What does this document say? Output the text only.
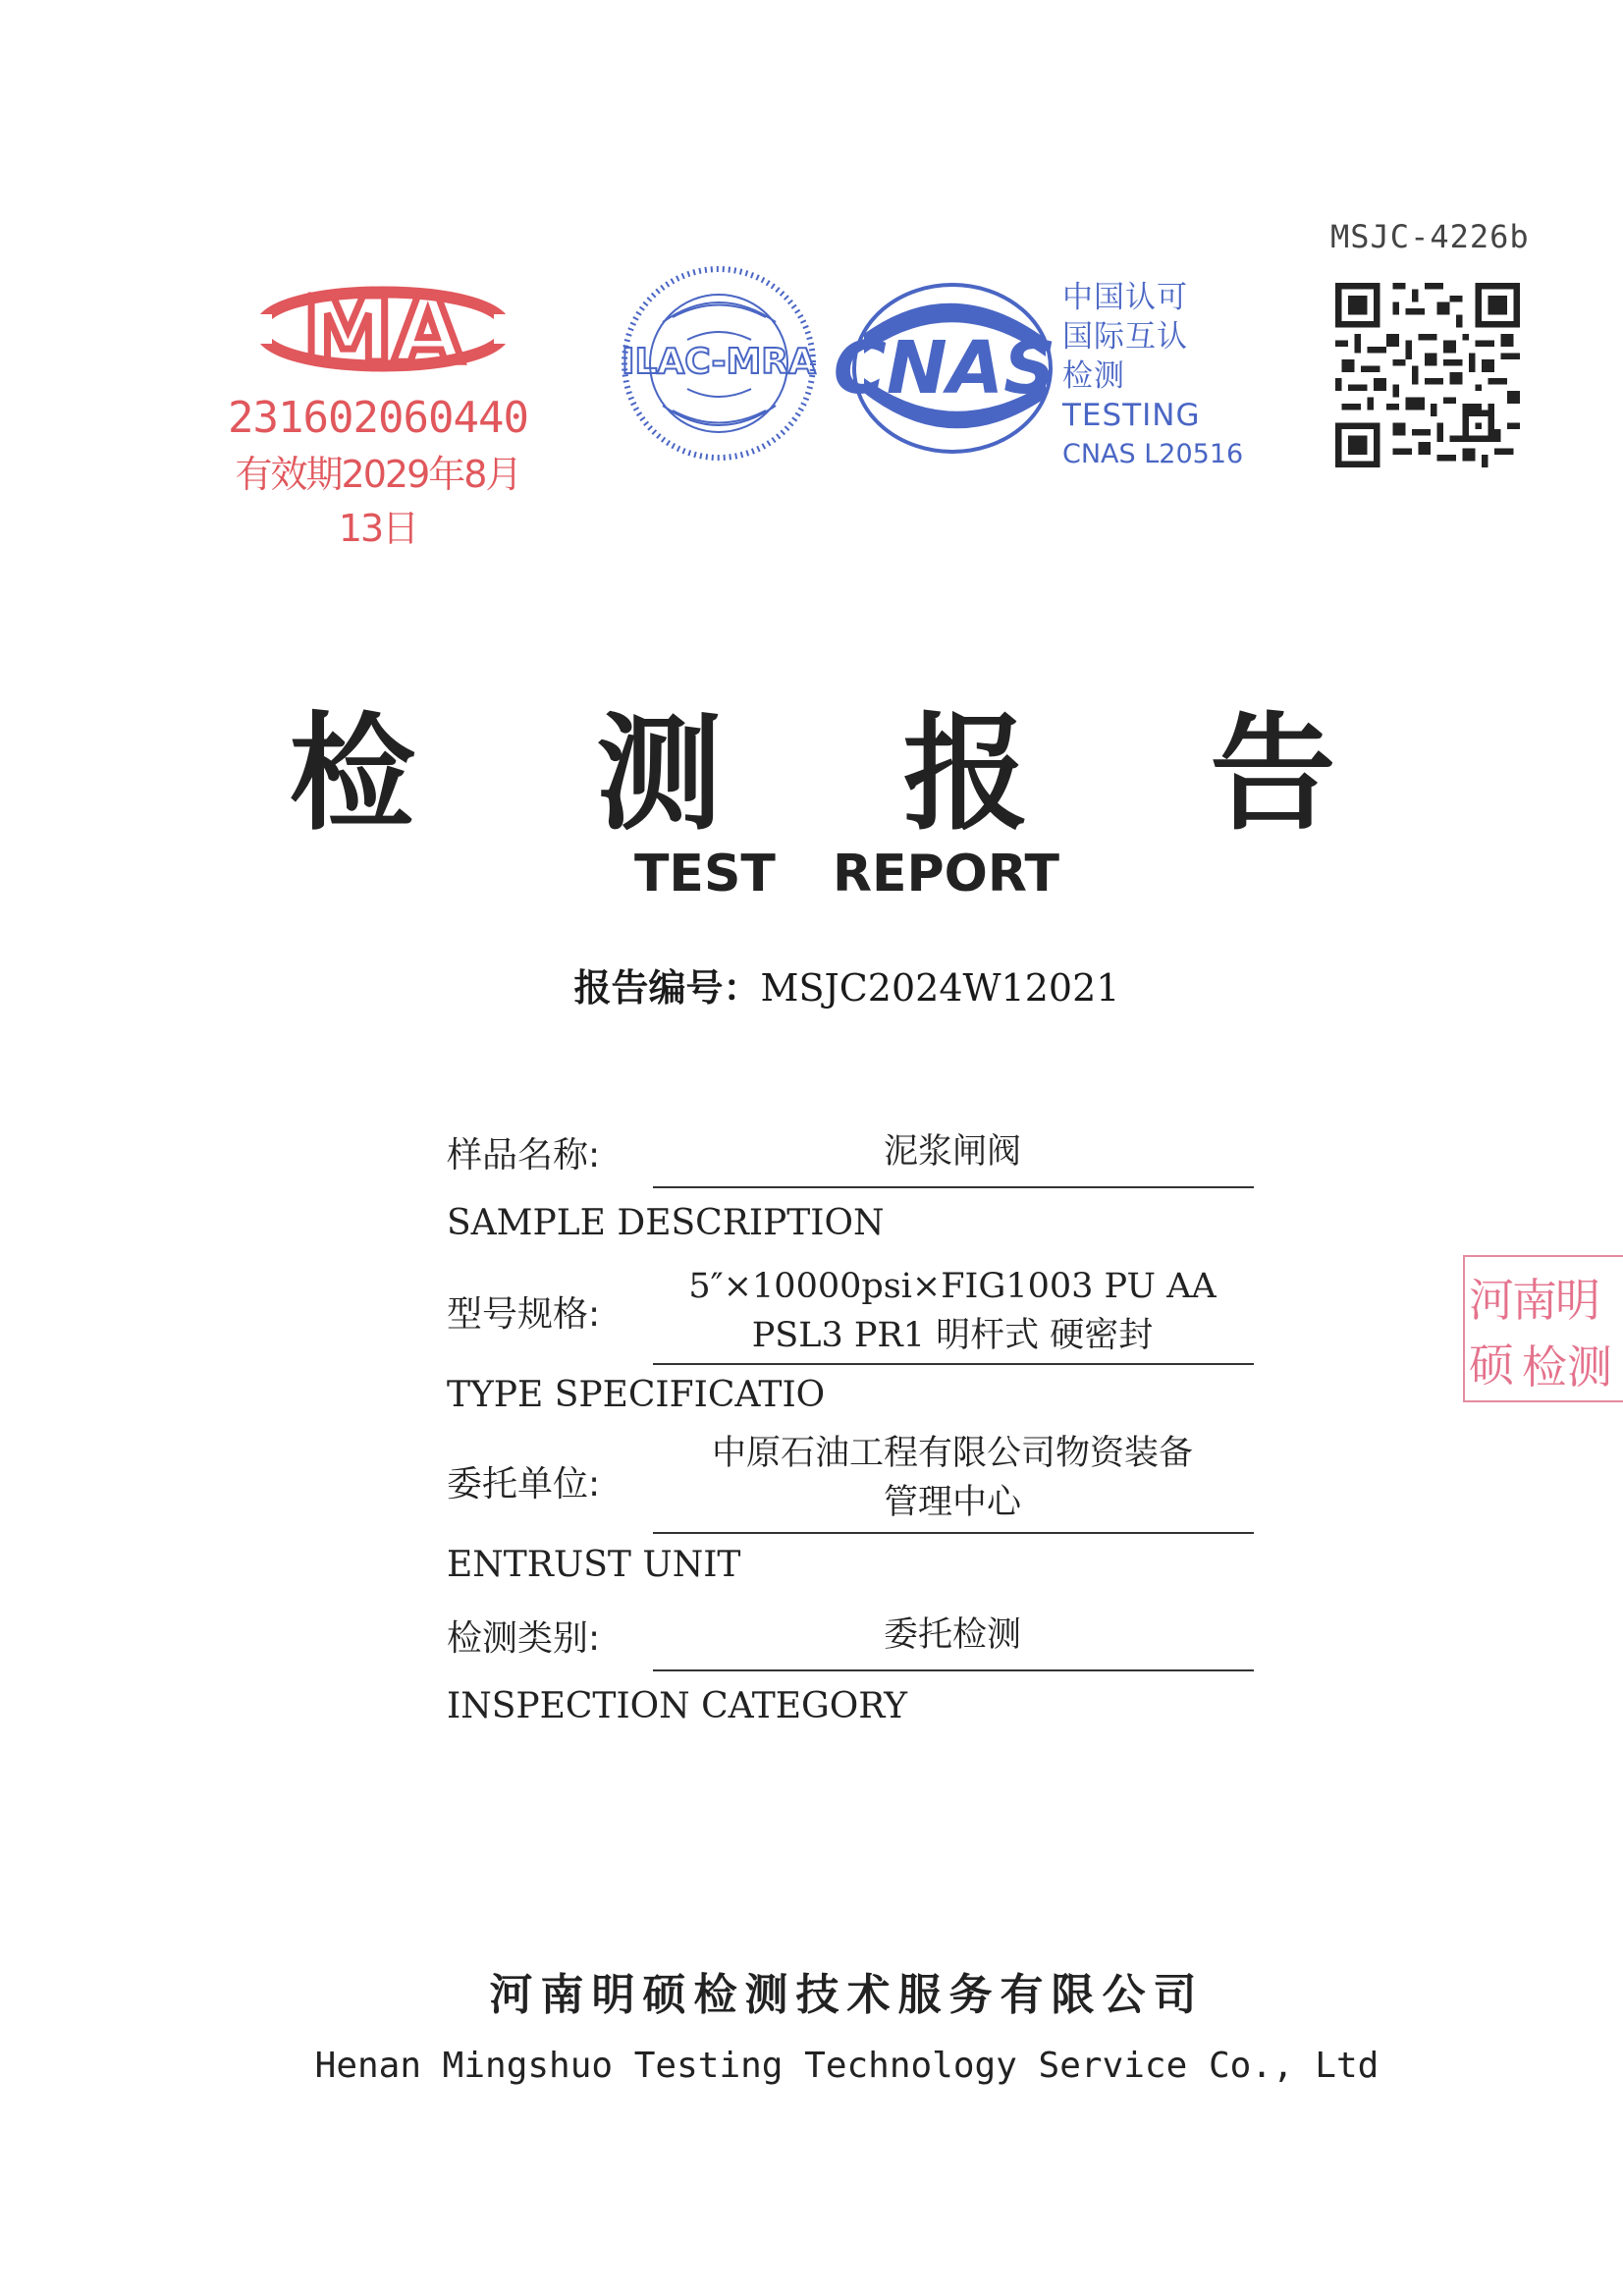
MA
231602060440
有效期2029年8月13日
ILAC-MRA CNAS
中国认可
国际互认
检测
TESTING
CNAS L20516
MSJC-4226b
检 测 报 告
TEST REPORT
报告编号：MSJC2024W12021
样品名称:	泥浆闸阀
SAMPLE DESCRIPTION
型号规格:
5″×10000psi×FIG1003 PU AA
PSL3 PR1 明杆式 硬密封
TYPE SPECIFICATIO
委托单位:
中原石油工程有限公司物资装备
管理中心
ENTRUST UNIT
检测类别:	委托检测
INSPECTION CATEGORY
河南明硕 检测
河南明硕检测技术服务有限公司
Henan Mingshuo Testing Technology Service Co., Ltd
